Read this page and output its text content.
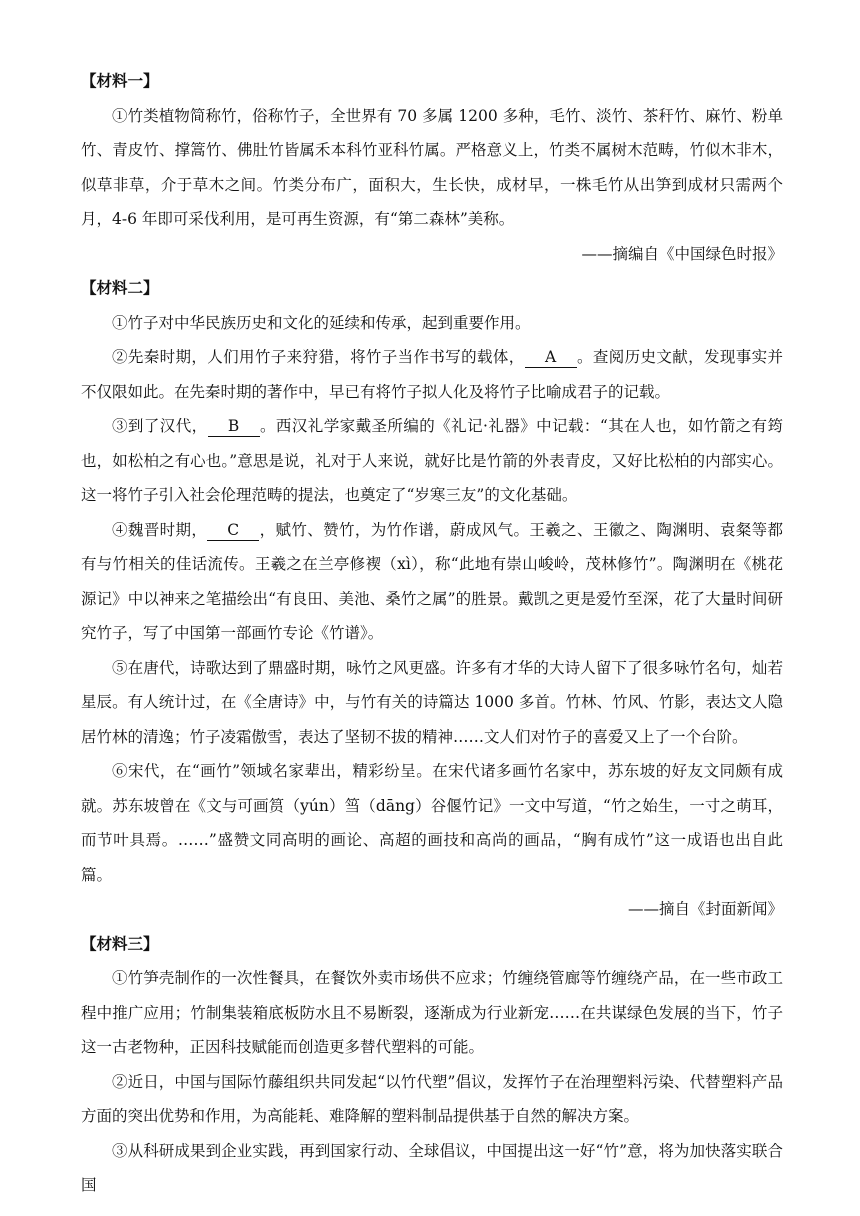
【材料一】

①竹类植物简称竹，俗称竹子，全世界有 70 多属 1200 多种，毛竹、淡竹、茶秆竹、麻竹、粉单竹、青皮竹、撑篙竹、佛肚竹皆属禾本科竹亚科竹属。严格意义上，竹类不属树木范畴，竹似木非木，似草非草，介于草木之间。竹类分布广，面积大，生长快，成材早，一株毛竹从出笋到成材只需两个月，4-6 年即可采伐利用，是可再生资源，有“第二森林”美称。

——摘编自《中国绿色时报》

【材料二】

①竹子对中华民族历史和文化的延续和传承，起到重要作用。

②先秦时期，人们用竹子来狩猎，将竹子当作书写的载体， A 。查阅历史文献，发现事实并不仅限如此。在先秦时期的著作中，早已有将竹子拟人化及将竹子比喻成君子的记载。

③到了汉代， B 。西汉礼学家戴圣所编的《礼记·礼器》中记载：“其在人也，如竹箭之有筠也，如松柏之有心也。”意思是说，礼对于人来说，就好比是竹箭的外表青皮，又好比松柏的内部实心。这一将竹子引入社会伦理范畴的提法，也奠定了“岁寒三友”的文化基础。

④魏晋时期， C ，赋竹、赞竹，为竹作谱，蔚成风气。王羲之、王徽之、陶渊明、袁粲等都有与竹相关的佳话流传。王羲之在兰亭修褉（xì），称“此地有崇山峻岭，茂林修竹”。陶渊明在《桃花源记》中以神来之笔描绘出“有良田、美池、桑竹之属”的胜景。戴凯之更是爱竹至深，花了大量时间研究竹子，写了中国第一部画竹专论《竹谱》。

⑤在唐代，诗歌达到了鼎盛时期，咏竹之风更盛。许多有才华的大诗人留下了很多咏竹名句，灿若星辰。有人统计过，在《全唐诗》中，与竹有关的诗篇达 1000 多首。竹林、竹风、竹影，表达文人隐居竹林的清逸；竹子凌霜傲雪，表达了坚韧不拔的精神……文人们对竹子的喜爱又上了一个台阶。

⑥宋代，在“画竹”领域名家辈出，精彩纷呈。在宋代诸多画竹名家中，苏东坡的好友文同颇有成就。苏东坡曾在《文与可画筼（yún）筜（dāng）谷偃竹记》一文中写道，“竹之始生，一寸之萌耳，而节叶具焉。……”盛赞文同高明的画论、高超的画技和高尚的画品，“胸有成竹”这一成语也出自此篇。

——摘自《封面新闻》

【材料三】

①竹笋壳制作的一次性餐具，在餐饮外卖市场供不应求；竹缠绕管廊等竹缠绕产品，在一些市政工程中推广应用；竹制集装箱底板防水且不易断裂，逐渐成为行业新宠……在共谋绿色发展的当下，竹子这一古老物种，正因科技赋能而创造更多替代塑料的可能。

②近日，中国与国际竹藤组织共同发起“以竹代塑”倡议，发挥竹子在治理塑料污染、代替塑料产品方面的突出优势和作用，为高能耗、难降解的塑料制品提供基于自然的解决方案。

③从科研成果到企业实践，再到国家行动、全球倡议，中国提出这一好“竹”意，将为加快落实联合国
